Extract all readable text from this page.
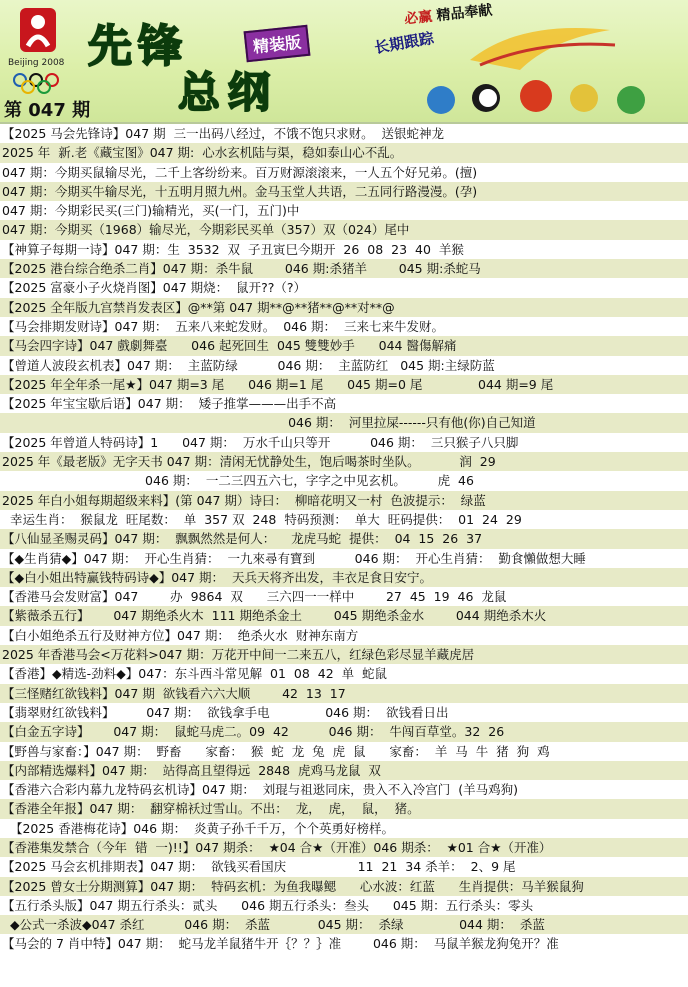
Beijing 2008 先锋	精装版
总纲
必赢 精品奉献
长期跟踪
第 047 期
【2025 马会先锋诗】047 期  三一出码八经过，不饿不饱只求财。  送银蛇神龙
2025 年  新.老《藏宝图》047 期:  心水玄机陆与渠，稳如泰山心不乱。
047 期：今期买鼠输尽光，二千上客纷纷来。百万财源滚滚来，一人五个好兄弟。(擅)
047 期：今期买牛输尽光，十五明月照九州。金马玉堂人共语，二五同行路漫漫。(孕)
047 期：今期彩民买(三门)输精光，买(一门，五门)中
047 期：今期买（1968）输尽光，今期彩民买单（357）双（024）尾中
【神算子每期一诗】047 期：生  3532  双  子丑寅巳今期开  26  08  23  40  羊猴
【2025 港台综合绝杀二肖】047 期：杀牛鼠        046 期:杀猪羊        045 期:杀蛇马
【2025 富豪小子火烧肖图】047 期烧：  鼠开??（?）
【2025 全年版九宫禁肖发表区】@**第 047 期**@**猪**@**对**@
【马会排期发财诗】047 期：  五来八来蛇发财。  046 期：  三来七来牛发财。
【马会四字诗】047 戲劇舞臺      046 起死回生  045 雙雙妙手      044 醫傷解痛
【曾道人波段玄机表】047 期：  主蓝防绿          046 期：  主蓝防红   045 期:主绿防蓝
【2025 年全年杀一尾★】047 期=3 尾      046 期=1 尾      045 期=0 尾              044 期=9 尾
【2025 年宝宝歇后语】047 期：  矮子推掌———出手不高
046 期：  河里拉屎------只有他(你)自己知道
【2025 年曾道人特码诗】1      047 期：  万水千山只等开          046 期：  三只猴子八只脚
2025 年《最老版》无字天书 047 期：清闲无忧静处生，饱后喝茶时坐队。          润  29
046 期：  一二三四五六七，字字之中见玄机。        虎  46
2025 年白小姐每期超级来料】(第 047 期）诗曰：  柳暗花明又一村  色波提示：  绿蓝
幸运生肖：  猴鼠龙  旺尾数：  单  357 双  248  特码预测：  单大  旺码提供：  01  24  29
【八仙显圣赐灵码】047 期：  飘飘然然是何人：    龙虎马蛇  提供：  04  15  26  37
【◆生肖猜◆】047 期：  开心生肖猜：  一九來尋有寶到          046 期：  开心生肖猜：  勤食懶做想大睡
【◆白小姐出特赢钱特码诗◆】047 期：  天兵天将齐出发，丰衣足食日安宁。
【香港马会发财富】047        办  9864  双      三六四一一样中        27  45  19  46  龙鼠
【紫薇杀五行】      047 期绝杀火木  111 期绝杀金土        045 期绝杀金水        044 期绝杀木火
【白小姐绝杀五行及财神方位】047 期：  绝杀火水  财神东南方
2025 年香港马会<万花料>047 期：万花开中间一二来五八，红绿色彩尽显羊藏虎居
【香港】◆精选-劲料◆】047：东斗西斗常见解  01  08  42  单  蛇鼠
【三怪赌红欲钱料】047 期  欲钱看六六大顺        42  13  17
【翡翠财红欲钱料】        047 期：  欲钱拿手电              046 期：  欲钱看日出
【白金五字诗】      047 期：  鼠蛇马虎二。09  42          046 期：  牛闯百草堂。32  26
【野兽与家畜：】047 期：  野畜      家畜：  猴  蛇  龙  兔  虎  鼠      家畜：  羊  马  牛  猪  狗  鸡
【内部精选爆料】047 期：  站得高且望得远  2848  虎鸡马龙鼠  双
【香港六合彩内幕九龙特码玄机诗】047 期：  刘琨与祖逖同床，贵入不入冷宫门  (羊马鸡狗)
【香港全年报】047 期：  翻穿棉袄过雪山。不出：  龙，  虎，  鼠，  猪。
【2025 香港梅花诗】046 期：  炎黄子孙千千万，个个英勇好榜样。
【香港集发禁合（今年  错  一)!!】047 期杀：  ★04 合★（开准）046 期杀：  ★01 合★（开准）
【2025 马会玄机排期表】047 期：  欲钱买看国庆                  11  21  34 杀羊：  2、9 尾
【2025 曾女士分期测算】047 期：  特码玄机：为鱼我曝鳃      心水波：红蓝      生肖提供：马羊猴鼠狗
【五行杀头版】047 期五行杀头：贰头      046 期五行杀头：叁头      045 期：五行杀头：零头
◆公式一杀波◆047 杀红          046 期：  杀蓝            045 期：  杀绿              044 期：  杀蓝
【马会的 7 肖中特】047 期：  蛇马龙羊鼠猪牛开｛？？｝准        046 期：  马鼠羊猴龙狗兔开？准
